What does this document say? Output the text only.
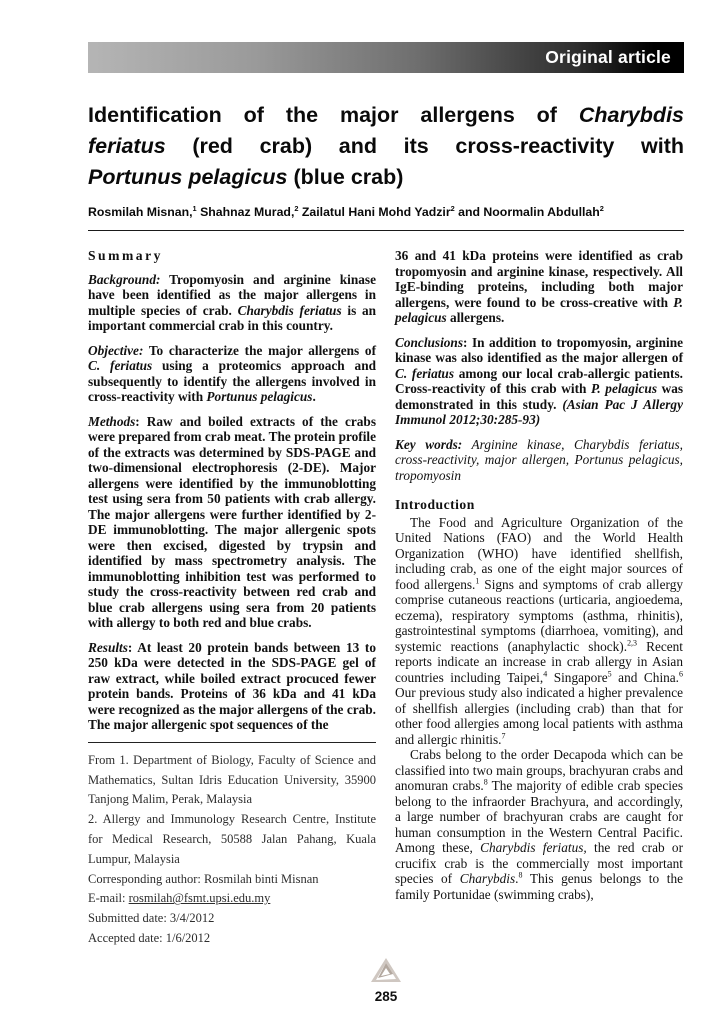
Original article
Identification of the major allergens of Charybdis
feriatus (red crab) and its cross-reactivity with
Portunus pelagicus (blue crab)
Rosmilah Misnan,$^1$ Shahnaz Murad,$^2$ Zailatul Hani Mohd Yadzir$^2$ and Noormalin Abdullah$^2$
Summary

Background: Tropomyosin and arginine kinase have been identified as the major allergens in multiple species of crab. Charybdis feriatus is an important commercial crab in this country.

Objective: To characterize the major allergens of C. feriatus using a proteomics approach and subsequently to identify the allergens involved in cross-reactivity with Portunus pelagicus.

Methods: Raw and boiled extracts of the crabs were prepared from crab meat. The protein profile of the extracts was determined by SDS-PAGE and two-dimensional electrophoresis (2-DE). Major allergens were identified by the immunoblotting test using sera from 50 patients with crab allergy. The major allergens were further identified by 2-DE immunoblotting. The major allergenic spots were then excised, digested by trypsin and identified by mass spectrometry analysis. The immunoblotting inhibition test was performed to study the cross-reactivity between red crab and blue crab allergens using sera from 20 patients with allergy to both red and blue crabs.

Results: At least 20 protein bands between 13 to 250 kDa were detected in the SDS-PAGE gel of raw extract, while boiled extract procuced fewer protein bands. Proteins of 36 kDa and 41 kDa were recognized as the major allergens of the crab. The major allergenic spot sequences of the

From 1. Department of Biology, Faculty of Science and Mathematics, Sultan Idris Education University, 35900 Tanjong Malim, Perak, Malaysia

2. Allergy and Immunology Research Centre, Institute for Medical Research, 50588 Jalan Pahang, Kuala Lumpur, Malaysia

Corresponding author: Rosmilah binti Misnan

E-mail: rosmilah@fsmt.upsi.edu.my

Submitted date: 3/4/2012

Accepted date: 1/6/2012

36 and 41 kDa proteins were identified as crab tropomyosin and arginine kinase, respectively. All IgE-binding proteins, including both major allergens, were found to be cross-creative with P. pelagicus allergens.

Conclusions: In addition to tropomyosin, arginine kinase was also identified as the major allergen of C. feriatus among our local crab-allergic patients. Cross-reactivity of this crab with P. pelagicus was demonstrated in this study. (Asian Pac J Allergy Immunol 2012;30:285-93)

Key words: Arginine kinase, Charybdis feriatus, cross-reactivity, major allergen, Portunus pelagicus, tropomyosin

Introduction

The Food and Agriculture Organization of the United Nations (FAO) and the World Health Organization (WHO) have identified shellfish, including crab, as one of the eight major sources of food allergens.$^1$ Signs and symptoms of crab allergy comprise cutaneous reactions (urticaria, angioedema, eczema), respiratory symptoms (asthma, rhinitis), gastrointestinal symptoms (diarrhoea, vomiting), and systemic reactions (anaphylactic shock).$^{2,3}$ Recent reports indicate an increase in crab allergy in Asian countries including Taipei,$^4$ Singapore$^5$ and China.$^6$ Our previous study also indicated a higher prevalence of shellfish allergies (including crab) than that for other food allergies among local patients with asthma and allergic rhinitis.$^7$

Crabs belong to the order Decapoda which can be classified into two main groups, brachyuran crabs and anomuran crabs.$^8$ The majority of edible crab species belong to the infraorder Brachyura, and accordingly, a large number of brachyuran crabs are caught for human consumption in the Western Central Pacific. Among these, Charybdis feriatus, the red crab or crucifix crab is the commercially most important species of Charybdis.$^8$ This genus belongs to the family Portunidae (swimming crabs),

285
